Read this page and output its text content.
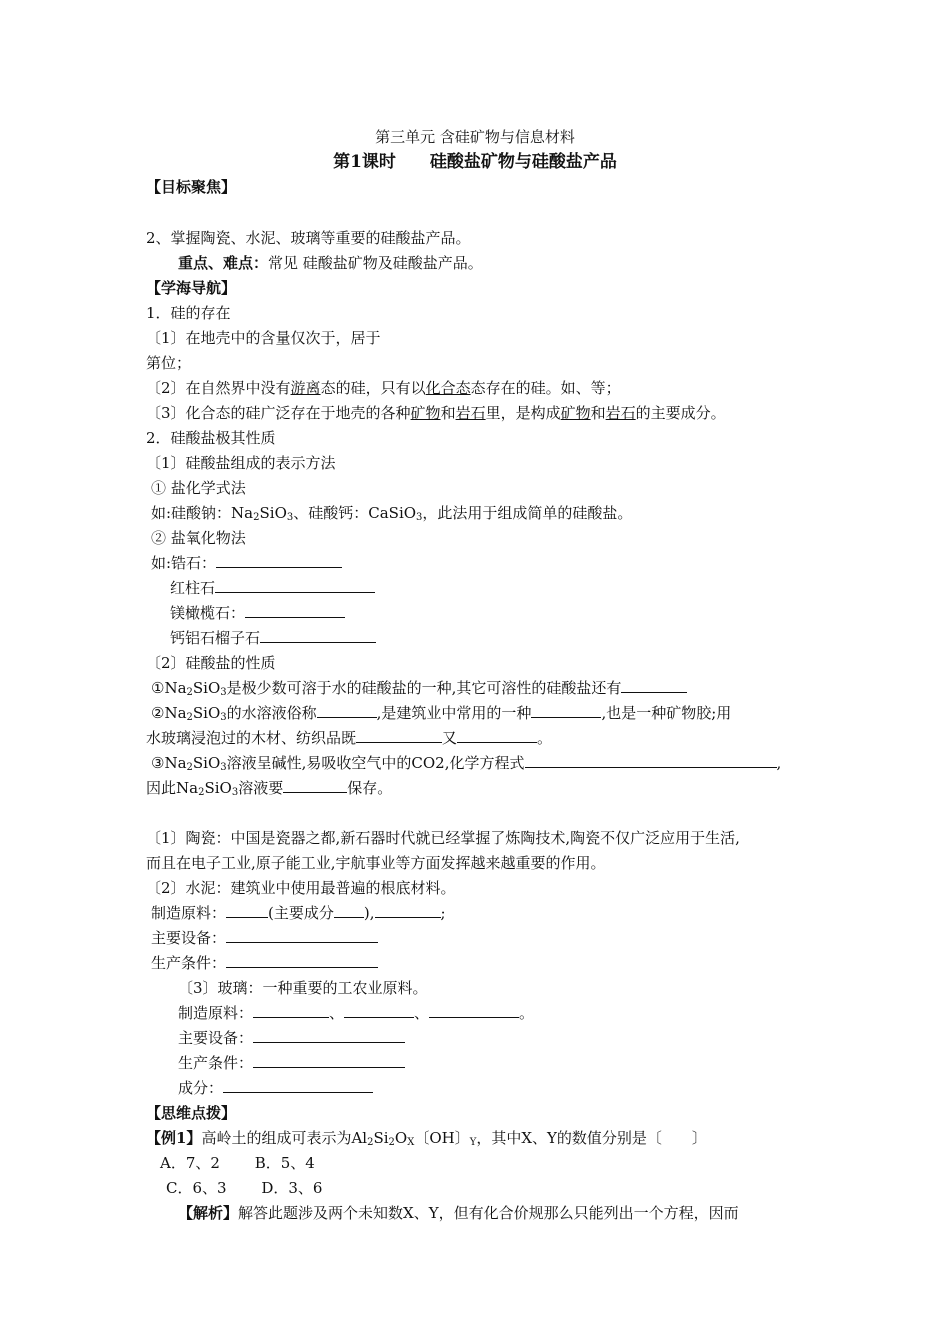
第三单元 含硅矿物与信息材料
第1课时　　硅酸盐矿物与硅酸盐产品
【目标聚焦】
2、掌握陶瓷、水泥、玻璃等重要的硅酸盐产品。
重点、难点：常见 硅酸盐矿物及硅酸盐产品。
【学海导航】
1．硅的存在
〔1〕在地壳中的含量仅次于，居于
第位；
〔2〕在自然界中没有游离态的硅，只有以化合态态存在的硅。如、等；
〔3〕化合态的硅广泛存在于地壳的各种矿物和岩石里，是构成矿物和岩石的主要成分。
2．硅酸盐极其性质
〔1〕硅酸盐组成的表示方法
① 盐化学式法
如:硅酸钠：$Na_2SiO_3$、硅酸钙：CaSiO$_3$，此法用于组成简单的硅酸盐。
② 盐氧化物法
如:锆石：
红柱石
镁橄榄石：
钙铝石榴子石
〔2〕硅酸盐的性质
$①Na_2SiO_3$是极少数可溶于水的硅酸盐的一种,其它可溶性的硅酸盐还有
$②Na_2SiO_3$的水溶液俗称	,是建筑业中常用的一种	,也是一种矿物胶;用
水玻璃浸泡过的木材、纺织品既	又	。
$③Na_2SiO_3$溶液呈碱性,易吸收空气中的CO2,化学方程式	,
因此$Na_2SiO_3$溶液要	保存。
〔1〕陶瓷：中国是瓷器之都,新石器时代就已经掌握了炼陶技术,陶瓷不仅广泛应用于生活,
而且在电子工业,原子能工业,宇航事业等方面发挥越来越重要的作用。
〔2〕水泥：建筑业中使用最普遍的根底材料。
制造原料：	(主要成分 ),	;
主要设备：
生产条件：
〔3〕玻璃：一种重要的工农业原料。
制造原料：	、	、	。
主要设备：
生产条件：
成分：
【思维点拨】
【例1】高岭土的组成可表示为$Al_2Si_2O_X$〔OH〕$_Y$，其中X、Y的数值分别是〔　　〕
A．7、2　　 B．5、4
C．6、3　　 D．3、6
【解析】解答此题涉及两个未知数X、Y，但有化合价规那么只能列出一个方程，因而
